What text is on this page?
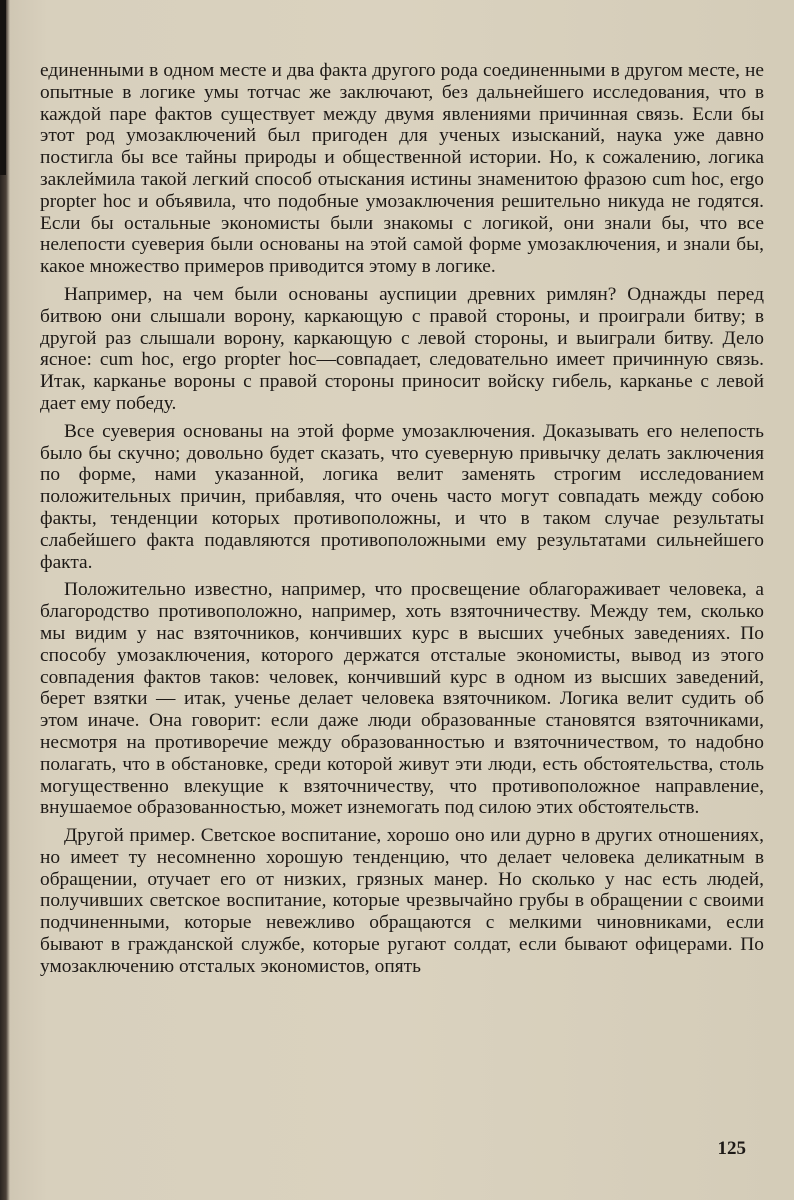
единенными в одном месте и два факта другого рода соединенными в другом месте, не опытные в логике умы тотчас же заключают, без дальнейшего исследования, что в каждой паре фактов существует между двумя явлениями причинная связь. Если бы этот род умозаключений был пригоден для ученых изысканий, наука уже давно постигла бы все тайны природы и общественной истории. Но, к сожалению, логика заклеймила такой легкий способ отыскания истины знаменитою фразою cum hoc, ergo propter hoc и объявила, что подобные умозаключения решительно никуда не годятся. Если бы остальные экономисты были знакомы с логикой, они знали бы, что все нелепости суеверия были основаны на этой самой форме умозаключения, и знали бы, какое множество примеров приводится этому в логике.

Например, на чем были основаны ауспиции древних римлян? Однажды перед битвою они слышали ворону, каркающую с правой стороны, и проиграли битву; в другой раз слышали ворону, каркающую с левой стороны, и выиграли битву. Дело ясное: cum hoc, ergo propter hoc—совпадает, следовательно имеет причинную связь. Итак, карканье вороны с правой стороны приносит войску гибель, карканье с левой дает ему победу.

Все суеверия основаны на этой форме умозаключения. Доказывать его нелепость было бы скучно; довольно будет сказать, что суеверную привычку делать заключения по форме, нами указанной, логика велит заменять строгим исследованием положительных причин, прибавляя, что очень часто могут совпадать между собою факты, тенденции которых противоположны, и что в таком случае результаты слабейшего факта подавляются противоположными ему результатами сильнейшего факта.

Положительно известно, например, что просвещение облагораживает человека, а благородство противоположно, например, хоть взяточничеству. Между тем, сколько мы видим у нас взяточников, кончивших курс в высших учебных заведениях. По способу умозаключения, которого держатся отсталые экономисты, вывод из этого совпадения фактов таков: человек, кончивший курс в одном из высших заведений, берет взятки — итак, ученье делает человека взяточником. Логика велит судить об этом иначе. Она говорит: если даже люди образованные становятся взяточниками, несмотря на противоречие между образованностью и взяточничеством, то надобно полагать, что в обстановке, среди которой живут эти люди, есть обстоятельства, столь могущественно влекущие к взяточничеству, что противоположное направление, внушаемое образованностью, может изнемогать под силою этих обстоятельств.

Другой пример. Светское воспитание, хорошо оно или дурно в других отношениях, но имеет ту несомненно хорошую тенденцию, что делает человека деликатным в обращении, отучает его от низких, грязных манер. Но сколько у нас есть людей, получивших светское воспитание, которые чрезвычайно грубы в обращении с своими подчиненными, которые невежливо обращаются с мелкими чиновниками, если бывают в гражданской службе, которые ругают солдат, если бывают офицерами. По умозаключению отсталых экономистов, опять

125
